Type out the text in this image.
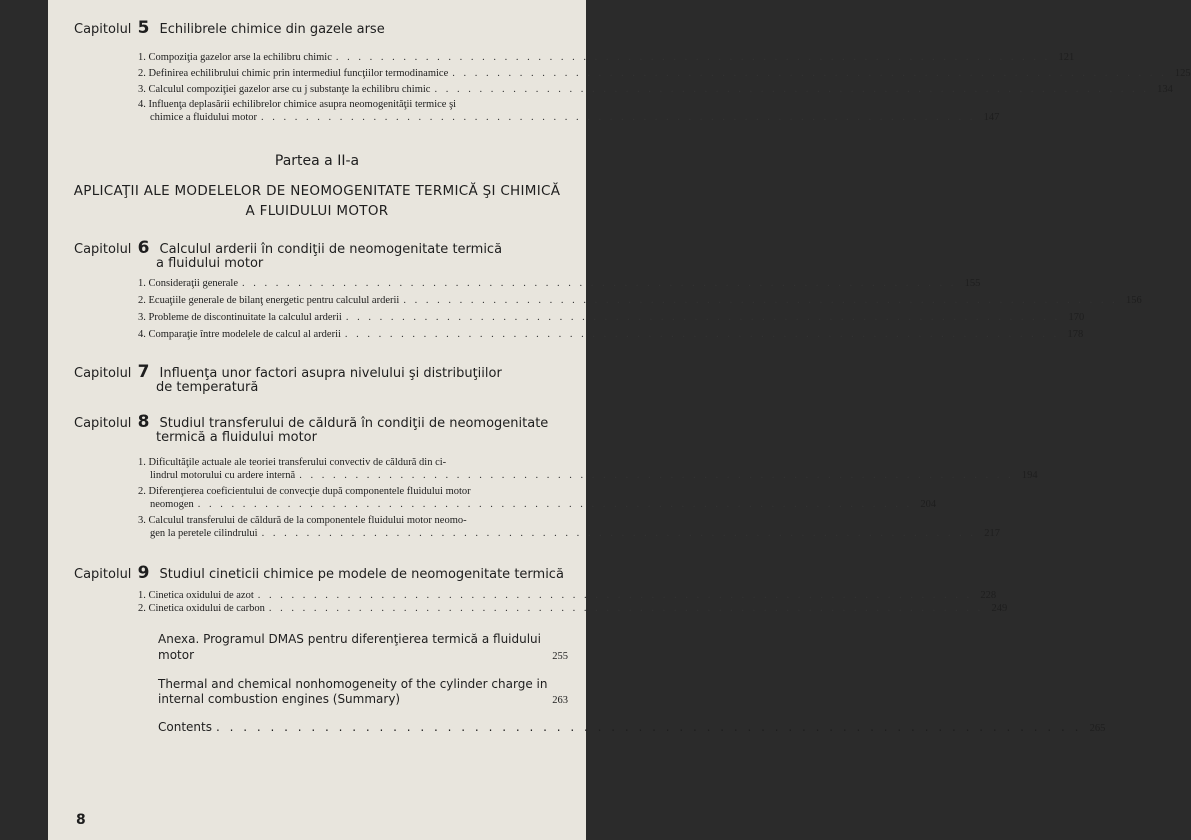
Capitolul 5 Echilibrele chimice din gazele arse
1. Compoziţia gazelor arse la echilibru chimic . . . . . . . . . . . . . . . . . . . . . . . . . . . . . . . . . . . . . . . . . . . . . . . . . . . . . . . . . . . . . . . . 121
2. Definirea echilibrului chimic prin intermediul funcţiilor termodinamice . . . . . . . . . . . . . . . . . . . . . . . . . . . . . . . . . . . . . . . . . . . . . . . . . . . . . . . . . . . . . . . . 125
3. Calculul compoziţiei gazelor arse cu j substanţe la echilibru chimic . . . . . . . . . . . . . . . . . . . . . . . . . . . . . . . . . . . . . . . . . . . . . . . . . . . . . . . . . . . . . . . . 134
4. Influenţa deplasării echilibrelor chimice asupra neomogenităţii termice şi
chimice a fluidului motor . . . . . . . . . . . . . . . . . . . . . . . . . . . . . . . . . . . . . . . . . . . . . . . . . . . . . . . . . . . . . . . . 147
Partea a II-a
APLICAŢII ALE MODELELOR DE NEOMOGENITATE TERMICĂ ŞI CHIMICĂ
A FLUIDULUI MOTOR
Capitolul 6 Calculul arderii în condiţii de neomogenitate termică
a fluidului motor
1. Consideraţii generale . . . . . . . . . . . . . . . . . . . . . . . . . . . . . . . . . . . . . . . . . . . . . . . . . . . . . . . . . . . . . . . . 155
2. Ecuaţiile generale de bilanţ energetic pentru calculul arderii . . . . . . . . . . . . . . . . . . . . . . . . . . . . . . . . . . . . . . . . . . . . . . . . . . . . . . . . . . . . . . . . 156
3. Probleme de discontinuitate la calculul arderii . . . . . . . . . . . . . . . . . . . . . . . . . . . . . . . . . . . . . . . . . . . . . . . . . . . . . . . . . . . . . . . . 170
4. Comparaţie între modelele de calcul al arderii . . . . . . . . . . . . . . . . . . . . . . . . . . . . . . . . . . . . . . . . . . . . . . . . . . . . . . . . . . . . . . . . 178
Capitolul 7 Influenţa unor factori asupra nivelului şi distribuţiilor
de temperatură
Capitolul 8 Studiul transferului de căldură în condiţii de neomogenitate
termică a fluidului motor
1. Dificultăţile actuale ale teoriei transferului convectiv de căldură din ci-
lindrul motorului cu ardere internă . . . . . . . . . . . . . . . . . . . . . . . . . . . . . . . . . . . . . . . . . . . . . . . . . . . . . . . . . . . . . . . . 194
2. Diferenţierea coeficientului de convecţie după componentele fluidului motor
neomogen . . . . . . . . . . . . . . . . . . . . . . . . . . . . . . . . . . . . . . . . . . . . . . . . . . . . . . . . . . . . . . . . 204
3. Calculul transferului de căldură de la componentele fluidului motor neomo-
gen la peretele cilindrului . . . . . . . . . . . . . . . . . . . . . . . . . . . . . . . . . . . . . . . . . . . . . . . . . . . . . . . . . . . . . . . . 217
Capitolul 9 Studiul cineticii chimice pe modele de neomogenitate termică
1. Cinetica oxidului de azot . . . . . . . . . . . . . . . . . . . . . . . . . . . . . . . . . . . . . . . . . . . . . . . . . . . . . . . . . . . . . . . . 228
2. Cinetica oxidului de carbon . . . . . . . . . . . . . . . . . . . . . . . . . . . . . . . . . . . . . . . . . . . . . . . . . . . . . . . . . . . . . . . . 249
Anexa. Programul DMAS pentru diferenţierea termică a fluidului
motor	255
Thermal and chemical nonhomogeneity of the cylinder charge in
internal combustion engines (Summary)	263
Contents . . . . . . . . . . . . . . . . . . . . . . . . . . . . . . . . . . . . . . . . . . . . . . . . . . . . . . . . . . . . . . . . 265
8
